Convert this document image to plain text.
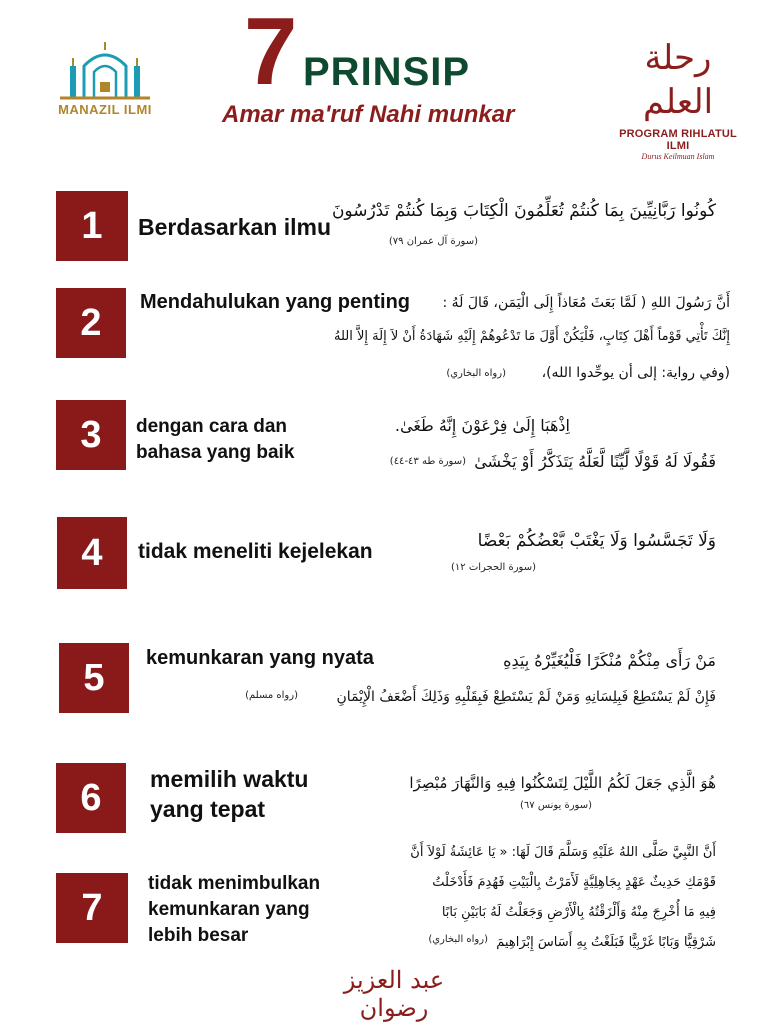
MANAZIL ILMI
7 PRINSIP
Amar ma'ruf Nahi munkar
رحلة العلم
PROGRAM RIHLATUL ILMI
Durus Keilmuan Islam
1	Berdasarkan ilmu
كُونُوا رَبَّانِيِّينَ بِمَا كُنتُمْ تُعَلِّمُونَ الْكِتَابَ وَبِمَا كُنتُمْ تَدْرُسُونَ
(سورة آل عمران ٧٩)
2	Mendahulukan yang penting أَنَّ رَسُولَ اللهِ ( لَمَّا بَعَثَ مُعَاذاً إِلَى الْيَمَن، قَالَ لَهُ :
إِنَّكَ تَأْتِي قَوْماً أَهْلَ كِتَابٍ، فَلْيَكُنْ أَوَّلَ مَا تَدْعُوهُمْ إِلَيْهِ شَهَادَةُ أَنْ لاَ إِلَهَ إِلاَّ اللهُ
(وفي رواية: إلى أن يوحِّدوا الله)،
(رواه البخاري)
3	dengan cara dan
bahasa yang baik
اِذْهَبَا إِلَىٰ فِرْعَوْنَ إِنَّهُ طَغَىٰ.
فَقُولَا لَهُ قَوْلًا لَّيِّنًا لَّعَلَّهُ يَتَذَكَّرُ أَوْ يَخْشَىٰ
(سورة طه ٤٣-٤٤)
4	tidak meneliti kejelekan	وَلَا تَجَسَّسُوا وَلَا يَغْتَبْ بَّعْضُكُمْ بَعْضًا
(سورة الحجرات ١٢)
5	kemunkaran yang nyata	مَنْ رَأَى مِنْكُمْ مُنْكَرًا فَلْيُغَيِّرْهُ بِيَدِهِ
فَإِنْ لَمْ يَسْتَطِعْ فَبِلِسَانِهِ وَمَنْ لَمْ يَسْتَطِعْ فَبِقَلْبِهِ وَذَلِكَ أَضْعَفُ الْإِيْمَانِ
(رواه مسلم)
6	memilih waktu
yang tepat
هُوَ الَّذِي جَعَلَ لَكُمُ اللَّيْلَ لِتَسْكُنُوا فِيهِ وَالنَّهَارَ مُبْصِرًا
(سورة يونس ٦٧)
7
tidak menimbulkan
kemunkaran yang
lebih besar
أَنَّ النَّبِيَّ صَلَّى اللهُ عَلَيْهِ وَسَلَّمَ قَالَ لَهَا: « يَا عَائِشَةُ لَوْلاَ أَنَّ
قَوْمَكِ حَدِيثٌ عَهْدٍ بِجَاهِلِيَّةٍ لَأَمَرْتُ بِالْبَيْتِ فَهُدِمَ فَأَدْخَلْتُ
فِيهِ مَا أُخْرِجَ مِنْهُ وَأَلْزَقْتُهُ بِالْأَرْضِ وَجَعَلْتُ لَهُ بَابَيْنِ بَابًا
شَرْقِيًّا وَبَابًا غَرْبِيًّا فَبَلَغْتُ بِهِ أَسَاسَ إِبْرَاهِيمَ
(رواه البخاري)
عبد العزيز رضوان
